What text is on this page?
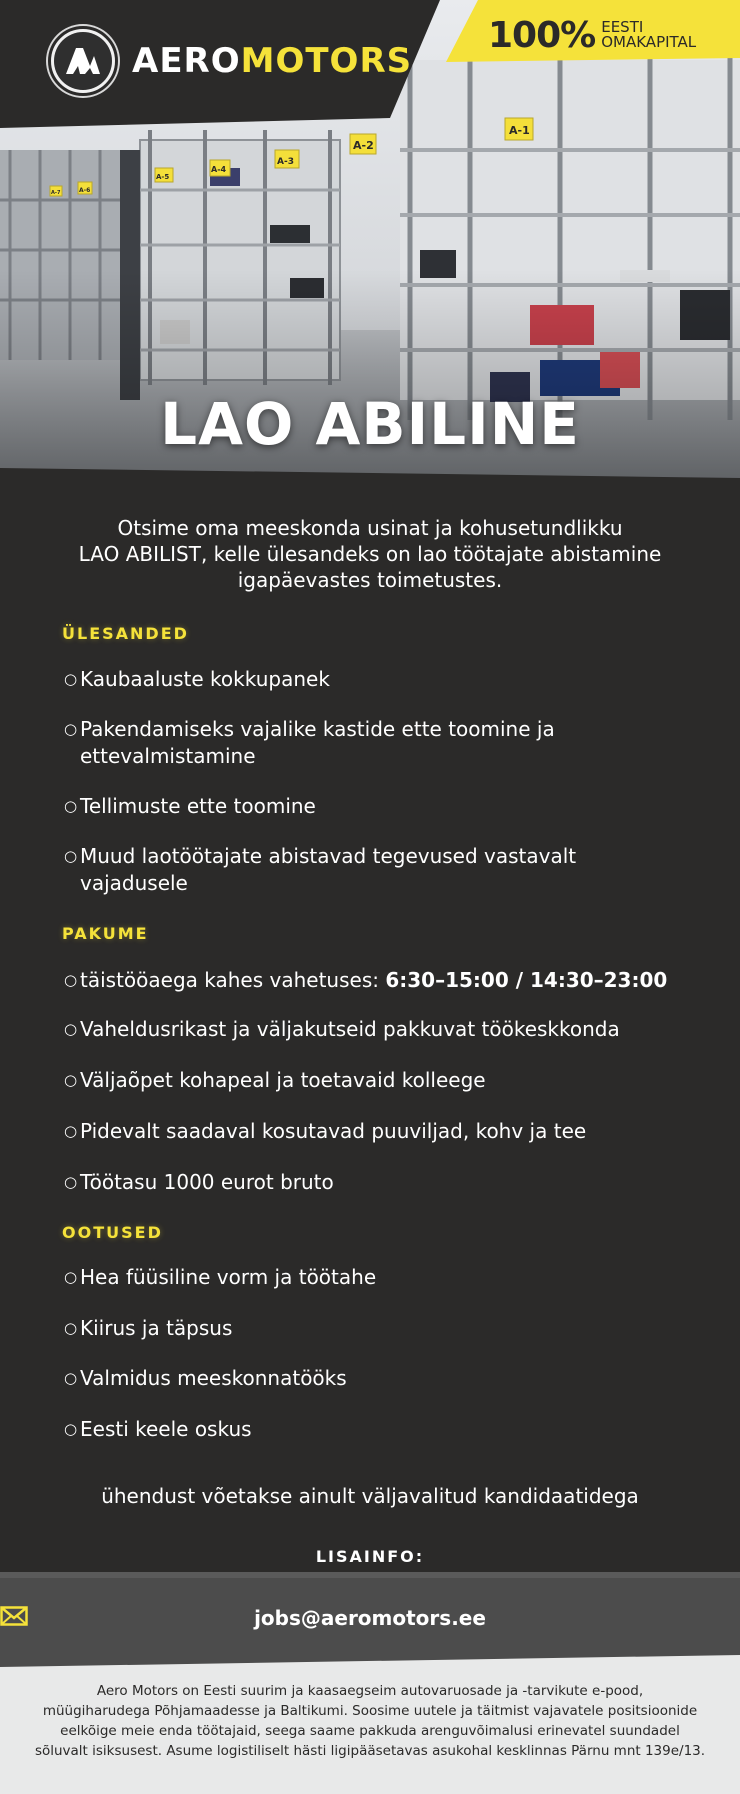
AEROMOTORS
100% EESTI
OMAKAPITAL
LAO ABILINE
Otsime oma meeskonda usinat ja kohusetundlikku
LAO ABILIST, kelle ülesandeks on lao töötajate abistamine
igapäevastes toimetustes.
ÜLESANDED
○ Kaubaaluste kokkupanek
○ Pakendamiseks vajalike kastide ette toomine ja ettevalmistamine
○ Tellimuste ette toomine
○ Muud laotöötajate abistavad tegevused vastavalt vajadusele
PAKUME
○ täistööaega kahes vahetuses: 6:30–15:00 / 14:30–23:00
○ Vaheldusrikast ja väljakutseid pakkuvat töökeskkonda
○ Väljaõpet kohapeal ja toetavaid kolleege
○ Pidevalt saadaval kosutavad puuviljad, kohv ja tee
○ Töötasu 1000 eurot bruto
OOTUSED
○ Hea füüsiline vorm ja töötahe
○ Kiirus ja täpsus
○ Valmidus meeskonnatööks
○ Eesti keele oskus
ühendust võetakse ainult väljavalitud kandidaatidega
LISAINFO:
jobs@aeromotors.ee
Aero Motors on Eesti suurim ja kaasaegseim autovaruosade ja -tarvikute e-pood,
müügiharudega Põhjamaadesse ja Baltikumi. Soosime uutele ja täitmist vajavatele positsioonide
eelkõige meie enda töötajaid, seega saame pakkuda arenguvõimalusi erinevatel suundadel
sõluvalt isiksusest. Asume logistiliselt hästi ligipääsetavas asukohal kesklinnas Pärnu mnt 139e/13.
